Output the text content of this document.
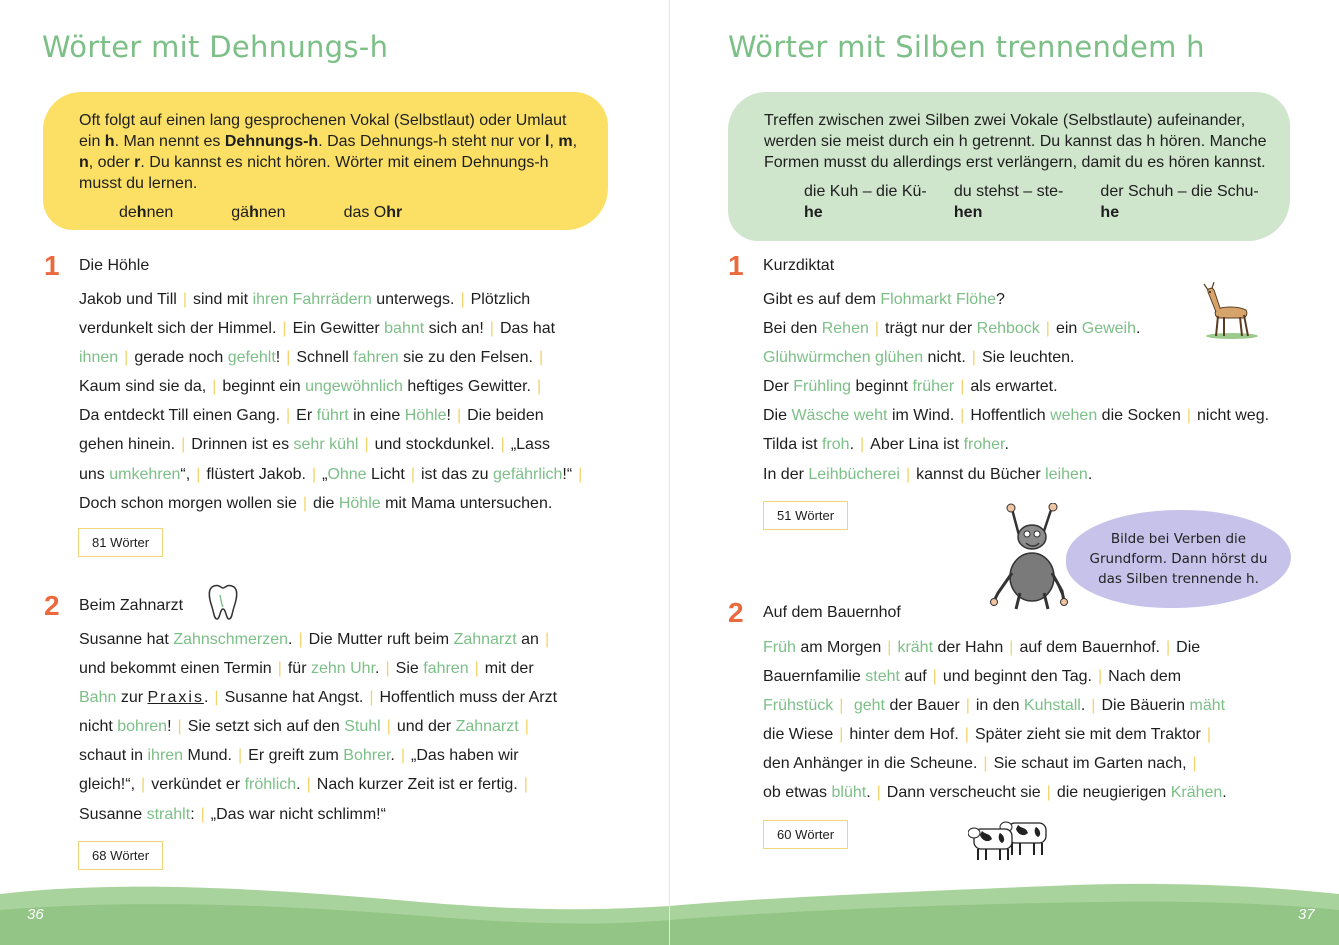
Wörter mit Dehnungs-h

Oft folgt auf einen lang gesprochenen Vokal (Selbstlaut) oder Umlaut ein h. Man nennt es Dehnungs-h. Das Dehnungs-h steht nur vor l, m, n, oder r. Du kannst es nicht hören. Wörter mit einem Dehnungs-h musst du lernen.

dehnen	gähnen	das Ohr
1 Die Höhle
Jakob und Till | sind mit ihren Fahrrädern unterwegs. | Plötzlich
verdunkelt sich der Himmel. | Ein Gewitter bahnt sich an! | Das hat
ihnen | gerade noch gefehlt! | Schnell fahren sie zu den Felsen. |
Kaum sind sie da, | beginnt ein ungewöhnlich heftiges Gewitter. |
Da entdeckt Till einen Gang. | Er führt in eine Höhle! | Die beiden
gehen hinein. | Drinnen ist es sehr kühl | und stockdunkel. | „Lass
uns umkehren“, | flüstert Jakob. | „Ohne Licht | ist das zu gefährlich!“ |
Doch schon morgen wollen sie | die Höhle mit Mama untersuchen.
81 Wörter
2 Beim Zahnarzt
Susanne hat Zahnschmerzen. | Die Mutter ruft beim Zahnarzt an |
und bekommt einen Termin | für zehn Uhr. | Sie fahren | mit der
Bahn zur Praxis. | Susanne hat Angst. | Hoffentlich muss der Arzt
nicht bohren! | Sie setzt sich auf den Stuhl | und der Zahnarzt |
schaut in ihren Mund. | Er greift zum Bohrer. | „Das haben wir
gleich!“, | verkündet er fröhlich. | Nach kurzer Zeit ist er fertig. |
Susanne strahlt: | „Das war nicht schlimm!“
68 Wörter
36
Wörter mit Silben trennendem h

Treffen zwischen zwei Silben zwei Vokale (Selbstlaute) aufeinander, werden sie meist durch ein h getrennt. Du kannst das h hören. Manche Formen musst du allerdings erst verlängern, damit du es hören kannst.

die Kuh – die Kü-he
du stehst – ste-hen
der Schuh – die Schu-he
1 Kurzdiktat
Gibt es auf dem Flohmarkt Flöhe?
Bei den Rehen | trägt nur der Rehbock | ein Geweih.
Glühwürmchen glühen nicht. | Sie leuchten.
Der Frühling beginnt früher | als erwartet.
Die Wäsche weht im Wind. | Hoffentlich wehen die Socken | nicht weg.
Tilda ist froh. | Aber Lina ist froher.
In der Leihbücherei | kannst du Bücher leihen.
51 Wörter
Bilde bei Verben die
Grundform. Dann hörst du
das Silben trennende h.
2 Auf dem Bauernhof
Früh am Morgen | kräht der Hahn | auf dem Bauernhof. | Die
Bauernfamilie steht auf | und beginnt den Tag. | Nach dem
Frühstück | geht der Bauer | in den Kuhstall. | Die Bäuerin mäht
die Wiese | hinter dem Hof. | Später zieht sie mit dem Traktor |
den Anhänger in die Scheune. | Sie schaut im Garten nach, |
ob etwas blüht. | Dann verscheucht sie | die neugierigen Krähen.
60 Wörter
37
